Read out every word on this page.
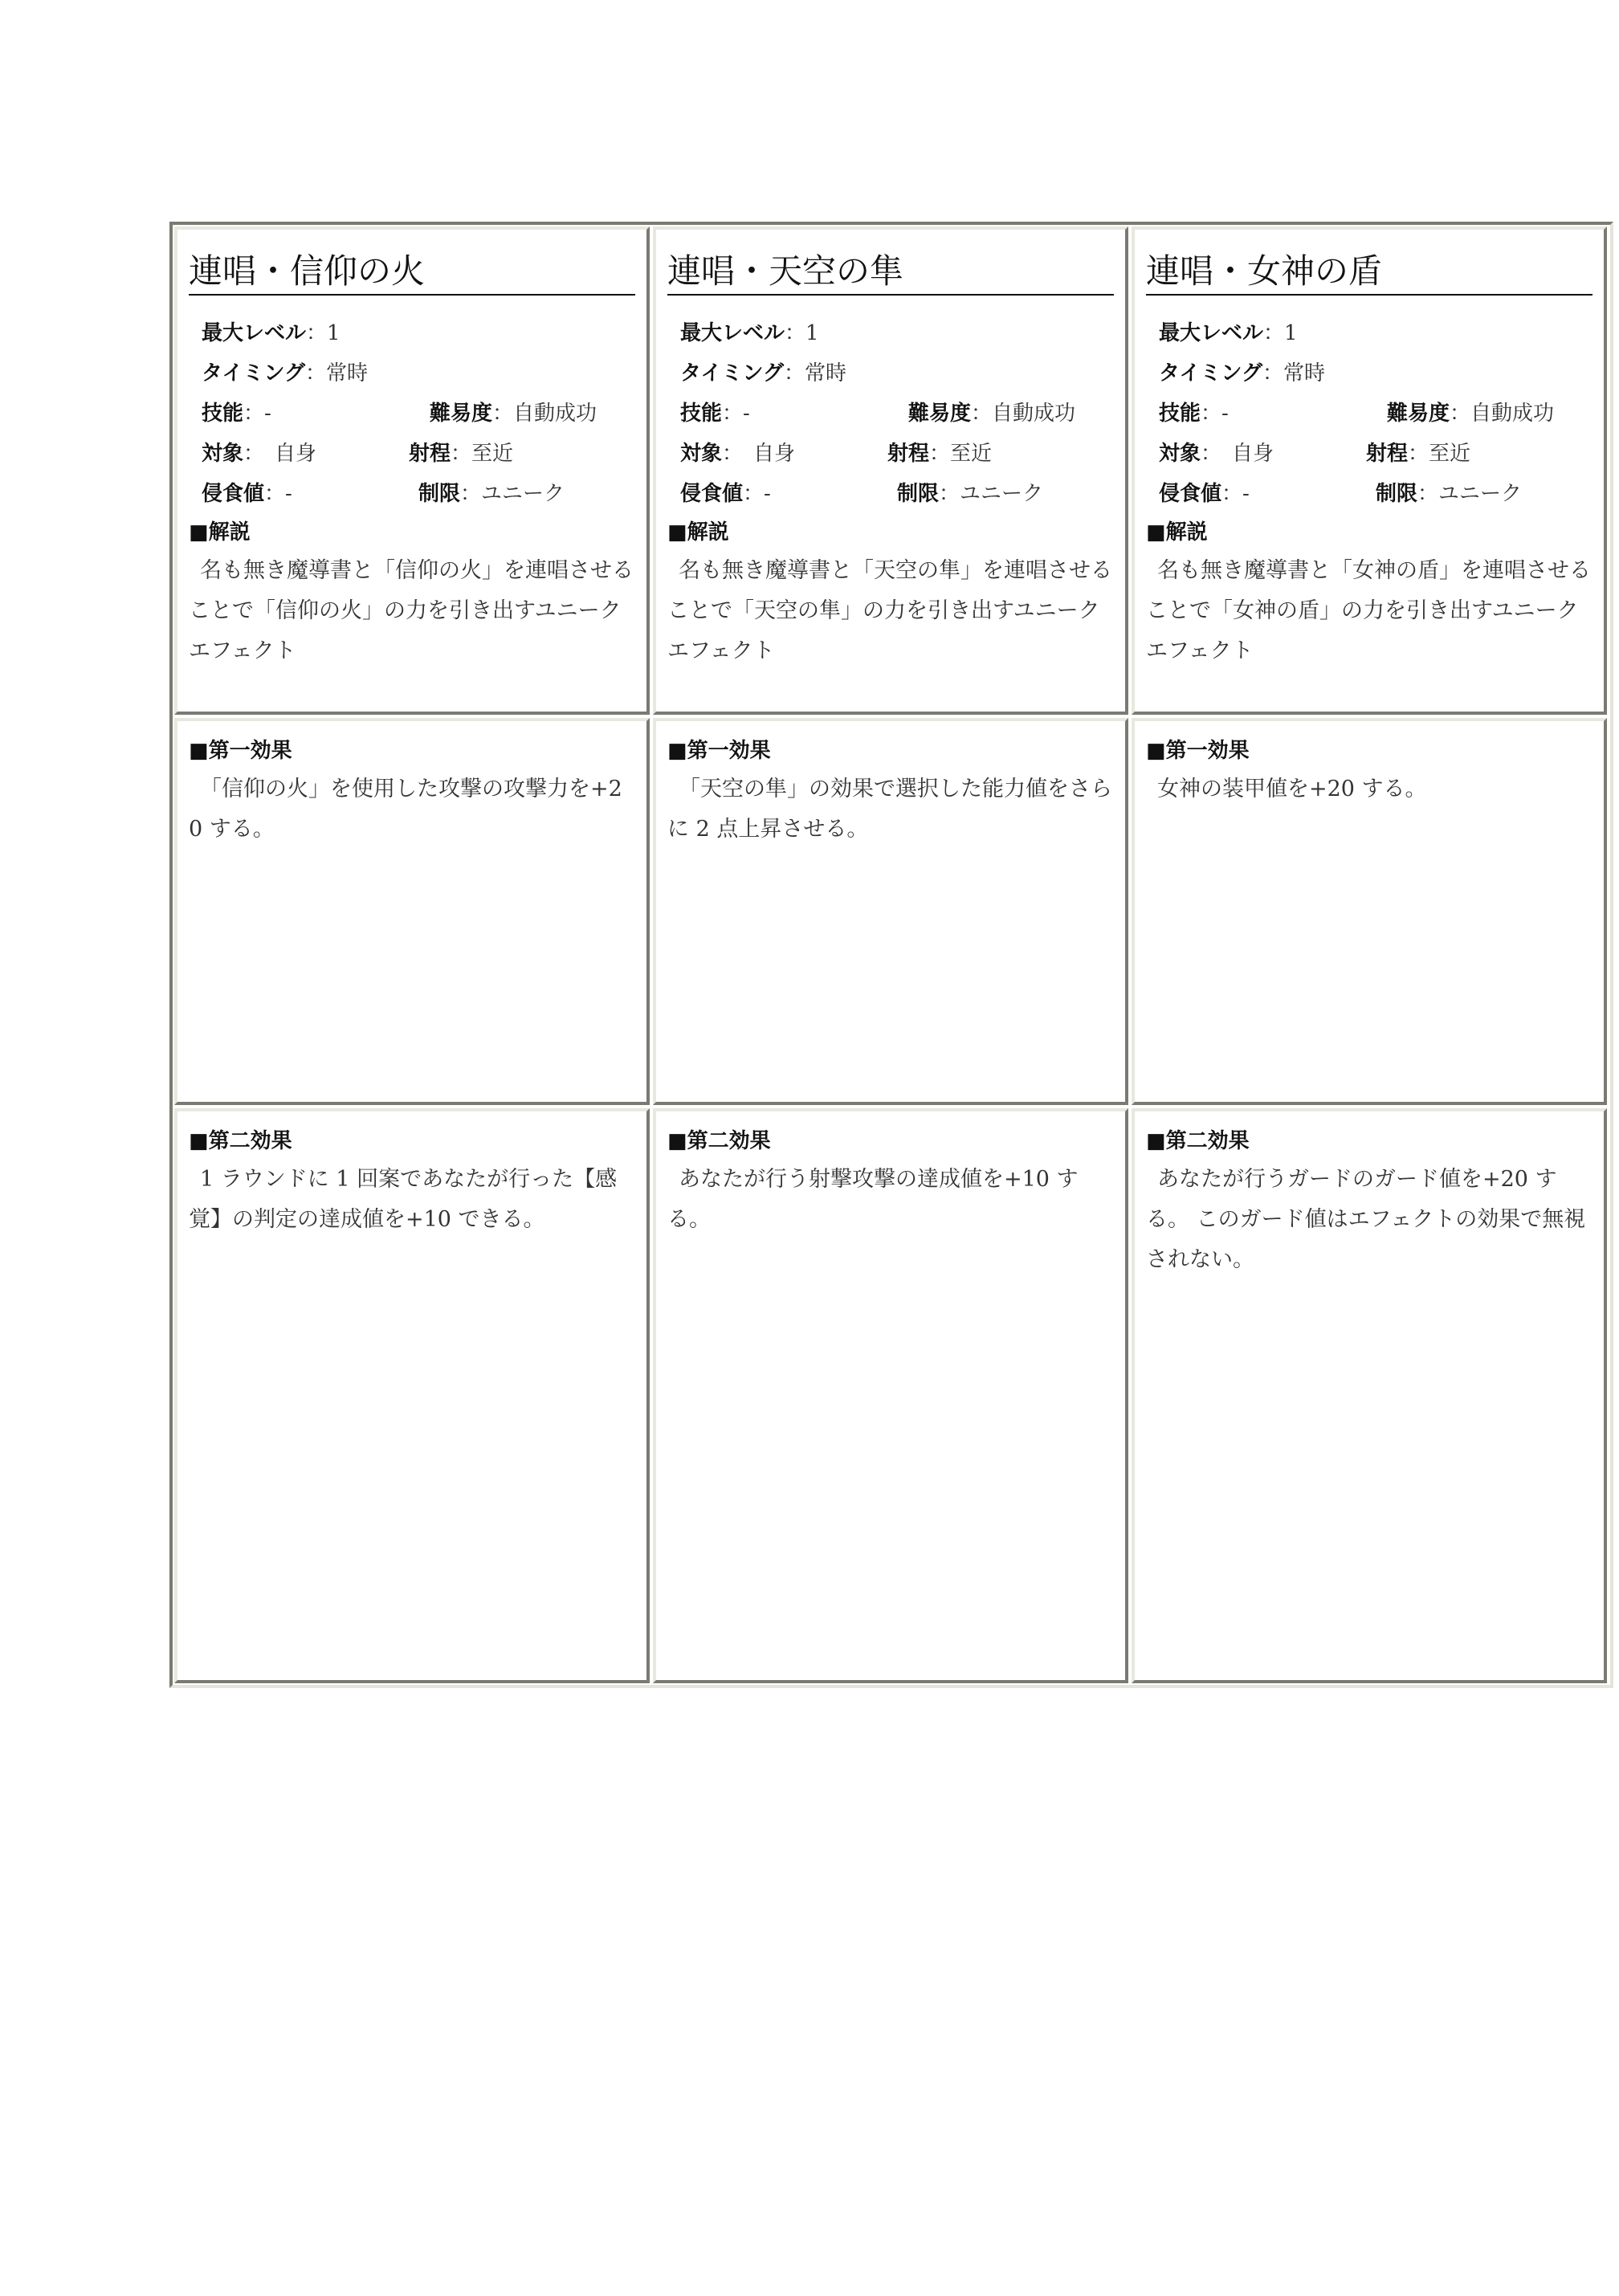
連唱・信仰の火
最大レベル：1
タイミング：常時
技能：-	難易度：自動成功
対象：　自身	射程：至近
侵食値：-	制限：ユニーク
■解説
名も無き魔導書と「信仰の火」を連唱させることで「信仰の火」の力を引き出すユニークエフェクト
■第一効果
「信仰の火」を使用した攻撃の攻撃力を+20 する。
■第二効果
1 ラウンドに 1 回案であなたが行った【感覚】の判定の達成値を+10 できる。
連唱・天空の隼
最大レベル：1
タイミング：常時
技能：-	難易度：自動成功
対象：　自身	射程：至近
侵食値：-	制限：ユニーク
■解説
名も無き魔導書と「天空の隼」を連唱させることで「天空の隼」の力を引き出すユニークエフェクト
■第一効果
「天空の隼」の効果で選択した能力値をさらに 2 点上昇させる。
■第二効果
あなたが行う射撃攻撃の達成値を+10 する。
連唱・女神の盾
最大レベル：1
タイミング：常時
技能：-	難易度：自動成功
対象：　自身	射程：至近
侵食値：-	制限：ユニーク
■解説
名も無き魔導書と「女神の盾」を連唱させることで「女神の盾」の力を引き出すユニークエフェクト
■第一効果
女神の装甲値を+20 する。
■第二効果
あなたが行うガードのガード値を+20 する。 このガード値はエフェクトの効果で無視されない。
